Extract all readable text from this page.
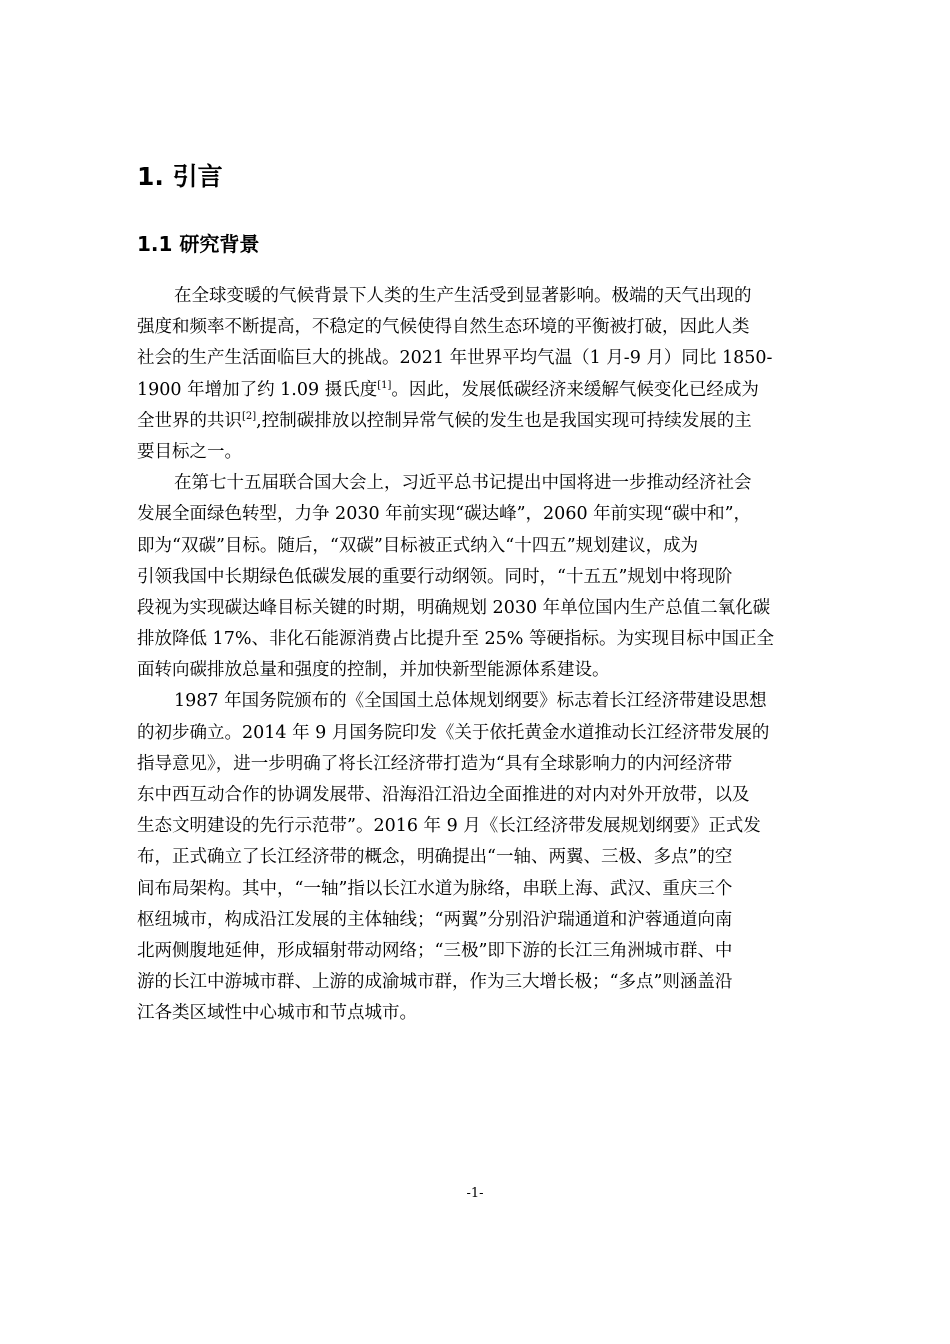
1. 引言
1.1 研究背景
在全球变暖的气候背景下人类的生产生活受到显著影响。极端的天气出现的
强度和频率不断提高，不稳定的气候使得自然生态环境的平衡被打破，因此人类
社会的生产生活面临巨大的挑战。2021 年世界平均气温（1 月-9 月）同比 1850-
1900 年增加了约 1.09 摄氏度[1]。因此，发展低碳经济来缓解气候变化已经成为
全世界的共识[2],控制碳排放以控制异常气候的发生也是我国实现可持续发展的主
要目标之一。
在第七十五届联合国大会上，习近平总书记提出中国将进一步推动经济社会
发展全面绿色转型，力争 2030 年前实现“碳达峰”，2060 年前实现“碳中和”，
即为“双碳”目标。随后，“双碳”目标被正式纳入“十四五”规划建议，成为
引领我国中长期绿色低碳发展的重要行动纲领。同时，“十五五”规划中将现阶
段视为实现碳达峰目标关键的时期，明确规划 2030 年单位国内生产总值二氧化碳
排放降低 17%、非化石能源消费占比提升至 25% 等硬指标。为实现目标中国正全
面转向碳排放总量和强度的控制，并加快新型能源体系建设。
1987 年国务院颁布的《全国国土总体规划纲要》标志着长江经济带建设思想
的初步确立。2014 年 9 月国务院印发《关于依托黄金水道推动长江经济带发展的
指导意见》，进一步明确了将长江经济带打造为“具有全球影响力的内河经济带
东中西互动合作的协调发展带、沿海沿江沿边全面推进的对内对外开放带，以及
生态文明建设的先行示范带”。2016 年 9 月《长江经济带发展规划纲要》正式发
布，正式确立了长江经济带的概念，明确提出“一轴、两翼、三极、多点”的空
间布局架构。其中，“一轴”指以长江水道为脉络，串联上海、武汉、重庆三个
枢纽城市，构成沿江发展的主体轴线；“两翼”分别沿沪瑞通道和沪蓉通道向南
北两侧腹地延伸，形成辐射带动网络；“三极”即下游的长江三角洲城市群、中
游的长江中游城市群、上游的成渝城市群，作为三大增长极；“多点”则涵盖沿
江各类区域性中心城市和节点城市。
-1-
